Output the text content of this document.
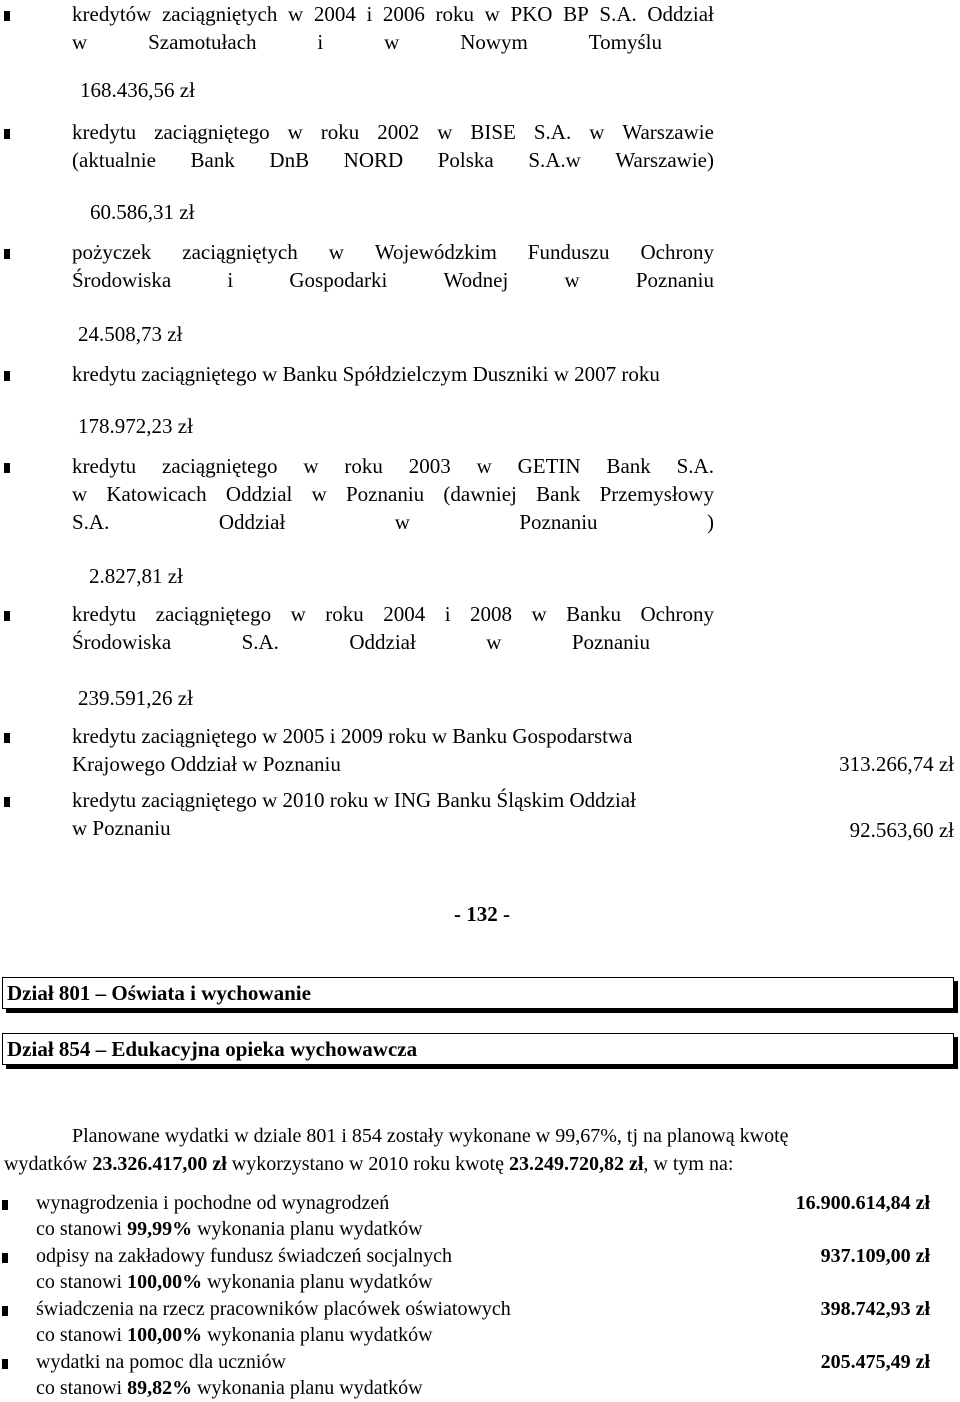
kredytów zaciągniętych w 2004 i 2006 roku w PKO BP S.A. Oddział
w	Szamotułach	i	w	Nowym	Tomyślu
168.436,56 zł
kredytu zaciągniętego w roku 2002 w BISE S.A. w Warszawie
(aktualnie Bank DnB NORD Polska S.A.w Warszawie)
60.586,31 zł
pożyczek zaciągniętych w Wojewódzkim Funduszu Ochrony
Środowiska	i	Gospodarki	Wodnej	w	Poznaniu
24.508,73 zł
kredytu zaciągniętego w Banku Spółdzielczym Duszniki w 2007 roku
178.972,23 zł
kredytu zaciągniętego w roku 2003 w GETIN Bank S.A.
w Katowicach Oddzial w Poznaniu (dawniej Bank Przemysłowy
S.A.	Oddział	w	Poznaniu	)
2.827,81 zł
kredytu zaciągniętego w roku 2004 i 2008 w Banku Ochrony
Środowiska	S.A.	Oddział	w	Poznaniu
239.591,26 zł
kredytu zaciągniętego w 2005 i 2009 roku w Banku Gospodarstwa
Krajowego Oddział w Poznaniu	313.266,74 zł
kredytu zaciągniętego w 2010 roku w ING Banku Śląskim Oddział
w Poznaniu	92.563,60 zł
- 132 -
Dział 801 – Oświata i wychowanie
Dział 854 – Edukacyjna opieka wychowawcza
Planowane wydatki w dziale 801 i 854 zostały wykonane w 99,67%, tj na planową kwotę
wydatków 23.326.417,00 zł wykorzystano w 2010 roku kwotę 23.249.720,82 zł, w tym na:
wynagrodzenia i pochodne od wynagrodzeń	16.900.614,84 zł
co stanowi 99,99% wykonania planu wydatków
odpisy na zakładowy fundusz świadczeń socjalnych	937.109,00 zł
co stanowi 100,00% wykonania planu wydatków
świadczenia na rzecz pracowników placówek oświatowych	398.742,93 zł
co stanowi 100,00% wykonania planu wydatków
wydatki na pomoc dla uczniów	205.475,49 zł
co stanowi 89,82% wykonania planu wydatków
